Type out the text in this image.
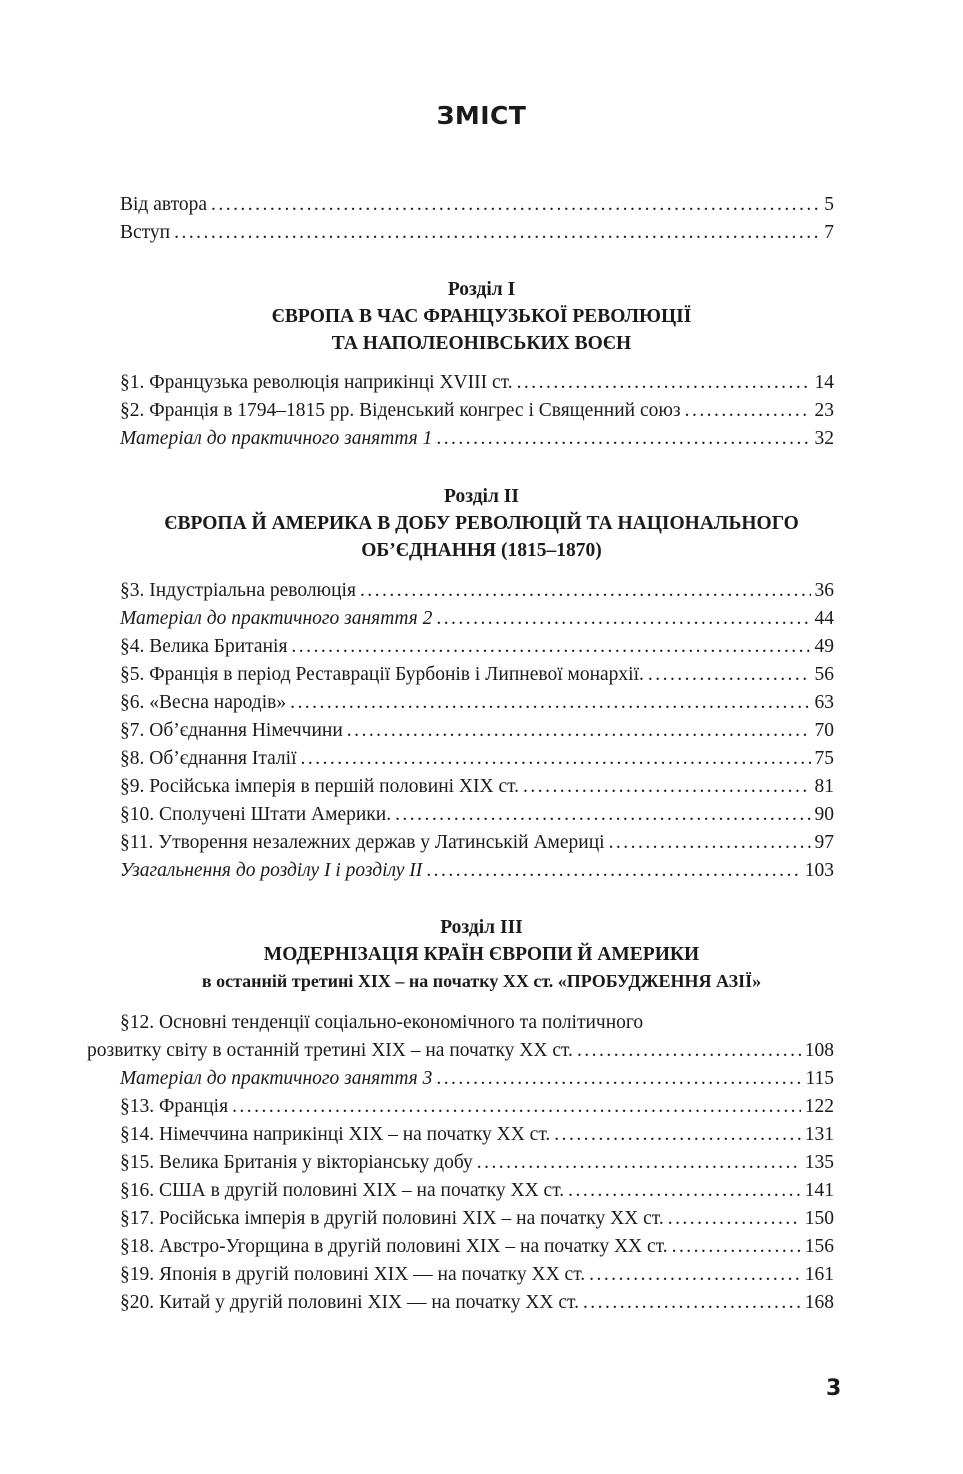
ЗМІСТ
Від автора . . .	5
Вступ . . .	7
Розділ I
ЄВРОПА В ЧАС ФРАНЦУЗЬКОЇ РЕВОЛЮЦІЇ
ТА НАПОЛЕОНІВСЬКИХ ВОЄН
§1. Французька революція наприкінці XVIII ст. . . .	14
§2. Франція в 1794–1815 рр. Віденський конгрес і Священний союз . . .	23
Матеріал до практичного заняття 1 . . .	32
Розділ II
ЄВРОПА Й АМЕРИКА В ДОБУ РЕВОЛЮЦІЙ ТА НАЦІОНАЛЬНОГО
ОБ’ЄДНАННЯ (1815–1870)
§3. Індустріальна революція . . .	36
Матеріал до практичного заняття 2 . . .	44
§4. Велика Британія . . .	49
§5. Франція в період Реставрації Бурбонів і Липневої монархії. . . .	56
§6. «Весна народів» . . .	63
§7. Об’єднання Німеччини . . .	70
§8. Об’єднання Італії . . .	75
§9. Російська імперія в першій половині XIX ст. . . .	81
§10. Сполучені Штати Америки. . . .	90
§11. Утворення незалежних держав у Латинській Америці . . .	97
Узагальнення до розділу I і розділу II . . .	103
Розділ III
МОДЕРНІЗАЦІЯ КРАЇН ЄВРОПИ Й АМЕРИКИ
в останній третині XIX – на початку XX ст. «ПРОБУДЖЕННЯ АЗІЇ»
§12. Основні тенденції соціально-економічного та політичного
розвитку світу в останній третині XIX – на початку XX ст. . . .	108
Матеріал до практичного заняття 3 . . .	115
§13. Франція . . .	122
§14. Німеччина наприкінці XIX – на початку XX ст. . . .	131
§15. Велика Британія у вікторіанську добу . . .	135
§16. США в другій половині XIX – на початку XX ст. . . .	141
§17. Російська імперія в другій половині XIX – на початку XX ст. . . .	150
§18. Австро-Угорщина в другій половині XIX – на початку XX ст. . . .	156
§19. Японія в другій половині XIX — на початку XX ст. . . .	161
§20. Китай у другій половині XIX — на початку XX ст. . . .	168
3
